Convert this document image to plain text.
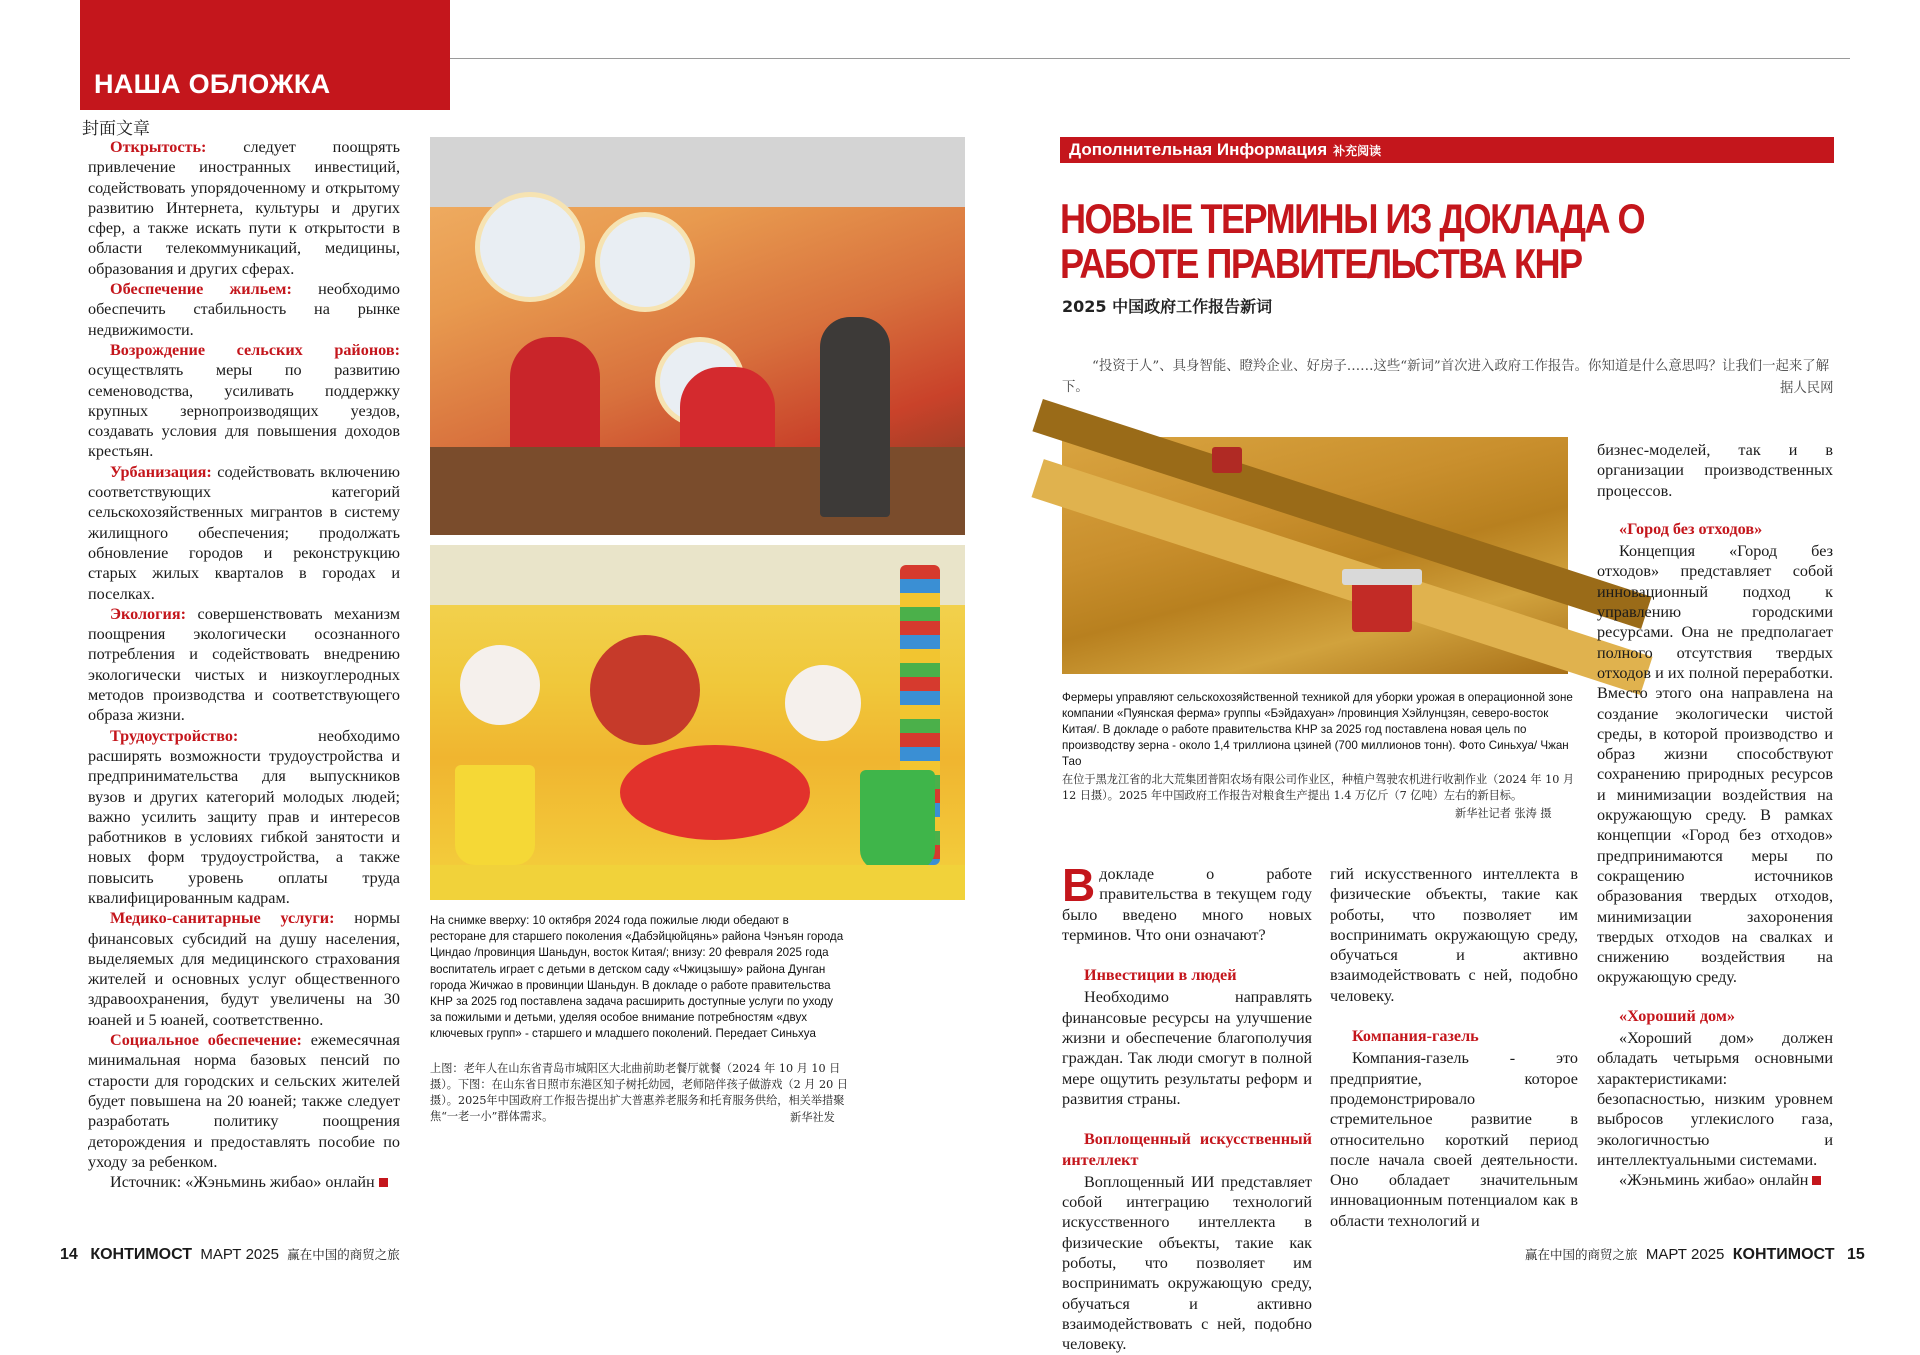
НАША ОБЛОЖКА
封面文章

Открытость: следует поощрять привлечение иностранных инвестиций, содействовать упорядоченному и открытому развитию Интернета, культуры и других сфер, а также искать пути к открытости в области телекоммуникаций, медицины, образования и других сферах.

Обеспечение жильем: необходимо обеспечить стабильность на рынке недвижимости.

Возрождение сельских районов: осуществлять меры по развитию семеноводства, усиливать поддержку крупных зернопроизводящих уездов, создавать условия для повышения доходов крестьян.

Урбанизация: содействовать включению соответствующих категорий сельскохозяйственных мигрантов в систему жилищного обеспечения; продолжать обновление городов и реконструкцию старых жилых кварталов в городах и поселках.

Экология: совершенствовать механизм поощрения экологически осознанного потребления и содействовать внедрению экологически чистых и низкоуглеродных методов производства и соответствующего образа жизни.

Трудоустройство: необходимо расширять возможности трудоустройства и предпринимательства для выпускников вузов и других категорий молодых людей; важно усилить защиту прав и интересов работников в условиях гибкой занятости и новых форм трудоустройства, а также повысить уровень оплаты труда квалифицированным кадрам.

Медико-санитарные услуги: нормы финансовых субсидий на душу населения, выделяемых для медицинского страхования жителей и основных услуг общественного здравоохранения, будут увеличены на 30 юаней и 5 юаней, соответственно.

Социальное обеспечение: ежемесячная минимальная норма базовых пенсий по старости для городских и сельских жителей будет повышена на 20 юаней; также следует разработать политику поощрения деторождения и предоставлять пособие по уходу за ребенком.

Источник: «Жэньминь жибао» онлайн

На снимке вверху: 10 октября 2024 года пожилые люди обедают в ресторане для старшего поколения «Дабэйцюйцянь» района Чэнъян города Циндао /провинция Шаньдун, восток Китая/; внизу: 20 февраля 2025 года воспитатель играет с детьми в детском саду «Чжицзышу» района Дунган города Жичжао в провинции Шаньдун. В докладе о работе правительства КНР за 2025 год поставлена задача расширить доступные услуги по уходу за пожилыми и детьми, уделяя особое внимание потребностям «двух ключевых групп» - старшего и младшего поколений. Передает Синьхуа
上图：老年人在山东省青岛市城阳区大北曲前助老餐厅就餐（2024 年 10 月 10 日摄）。下图：在山东省日照市东港区知子树托幼园，老师陪伴孩子做游戏（2 月 20 日摄）。2025年中国政府工作报告提出扩大普惠养老服务和托育服务供给，相关举措聚焦“一老一小”群体需求。	新华社发
14 КОНТИМОСТ МАРТ 2025 赢在中国的商贸之旅
Дополнительная Информация 补充阅读
НОВЫЕ ТЕРМИНЫ ИЗ ДОКЛАДА О РАБОТЕ ПРАВИТЕЛЬСТВА КНР
2025 中国政府工作报告新词
“投资于人”、具身智能、瞪羚企业、好房子……这些“新词”首次进入政府工作报告。你知道是什么意思吗？让我们一起来了解下。	据人民网
Фермеры управляют сельскохозяйственной техникой для уборки урожая в операционной зоне компании «Пуянская ферма» группы «Бэйдахуан» /провинция Хэйлунцзян, северо-восток Китая/. В докладе о работе правительства КНР за 2025 год поставлена новая цель по производству зерна - около 1,4 триллиона цзиней (700 миллионов тонн). Фото Синьхуа/ Чжан Тао
在位于黑龙江省的北大荒集团普阳农场有限公司作业区，种植户驾驶农机进行收割作业（2024 年 10 月 12 日摄）。2025 年中国政府工作报告对粮食生产提出 1.4 万亿斤（7 亿吨）左右的新目标。
新华社记者 张涛 摄

В докладе о работе правительства в текущем году было введено много новых терминов. Что они означают?

Инвестиции в людей

Необходимо направлять финансовые ресурсы на улучшение жизни и обеспечение благополучия граждан. Так люди смогут в полной мере ощутить результаты реформ и развития страны.

Воплощенный искусственный интеллект

Воплощенный ИИ представляет собой интеграцию технологий искусственного интеллекта в физические объекты, такие как роботы, что позволяет им воспринимать окружающую среду, обучаться и активно взаимодействовать с ней, подобно человеку.

гий искусственного интеллекта в физические объекты, такие как роботы, что позволяет им воспринимать окружающую среду, обучаться и активно взаимодействовать с ней, подобно человеку.

Компания-газель

Компания-газель - это предприятие, которое продемонстрировало стремительное развитие в относительно короткий период после начала своей деятельности. Оно обладает значительным инновационным потенциалом как в области технологий и

бизнес-моделей, так и в организации производственных процессов.

«Город без отходов»

Концепция «Город без отходов» представляет собой инновационный подход к управлению городскими ресурсами. Она не предполагает полного отсутствия твердых отходов и их полной переработки. Вместо этого она направлена на создание экологически чистой среды, в которой производство и образ жизни способствуют сохранению природных ресурсов и минимизации воздействия на окружающую среду. В рамках концепции «Город без отходов» предпринимаются меры по сокращению источников образования твердых отходов, минимизации захоронения твердых отходов на свалках и снижению воздействия на окружающую среду.

«Хороший дом»

«Хороший дом» должен обладать четырьмя основными характеристиками: безопасностью, низким уровнем выбросов углекислого газа, экологичностью и интеллектуальными системами.

«Жэньминь жибао» онлайн

赢在中国的商贸之旅 МАРТ 2025 КОНТИМОСТ 15
